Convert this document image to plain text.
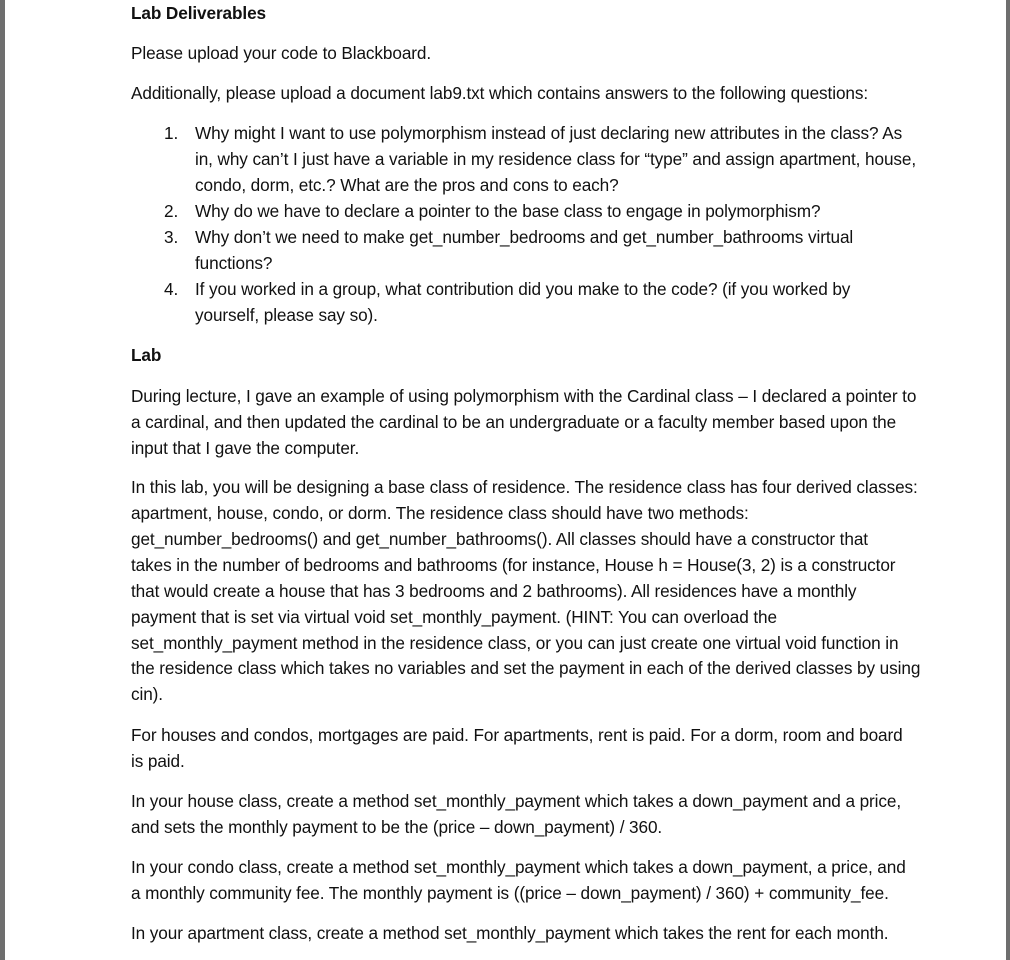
Lab Deliverables
Please upload your code to Blackboard.
Additionally, please upload a document lab9.txt which contains answers to the following questions:
1. Why might I want to use polymorphism instead of just declaring new attributes in the class? As
in, why can’t I just have a variable in my residence class for “type” and assign apartment, house,
condo, dorm, etc.? What are the pros and cons to each?
2. Why do we have to declare a pointer to the base class to engage in polymorphism?
3. Why don’t we need to make get_number_bedrooms and get_number_bathrooms virtual
functions?
4. If you worked in a group, what contribution did you make to the code? (if you worked by
yourself, please say so).
Lab
During lecture, I gave an example of using polymorphism with the Cardinal class – I declared a pointer to
a cardinal, and then updated the cardinal to be an undergraduate or a faculty member based upon the
input that I gave the computer.
In this lab, you will be designing a base class of residence. The residence class has four derived classes:
apartment, house, condo, or dorm. The residence class should have two methods:
get_number_bedrooms() and get_number_bathrooms(). All classes should have a constructor that
takes in the number of bedrooms and bathrooms (for instance, House h = House(3, 2) is a constructor
that would create a house that has 3 bedrooms and 2 bathrooms). All residences have a monthly
payment that is set via virtual void set_monthly_payment. (HINT: You can overload the
set_monthly_payment method in the residence class, or you can just create one virtual void function in
the residence class which takes no variables and set the payment in each of the derived classes by using
cin).
For houses and condos, mortgages are paid. For apartments, rent is paid. For a dorm, room and board
is paid.
In your house class, create a method set_monthly_payment which takes a down_payment and a price,
and sets the monthly payment to be the (price – down_payment) / 360.
In your condo class, create a method set_monthly_payment which takes a down_payment, a price, and
a monthly community fee. The monthly payment is ((price – down_payment) / 360) + community_fee.
In your apartment class, create a method set_monthly_payment which takes the rent for each month.
